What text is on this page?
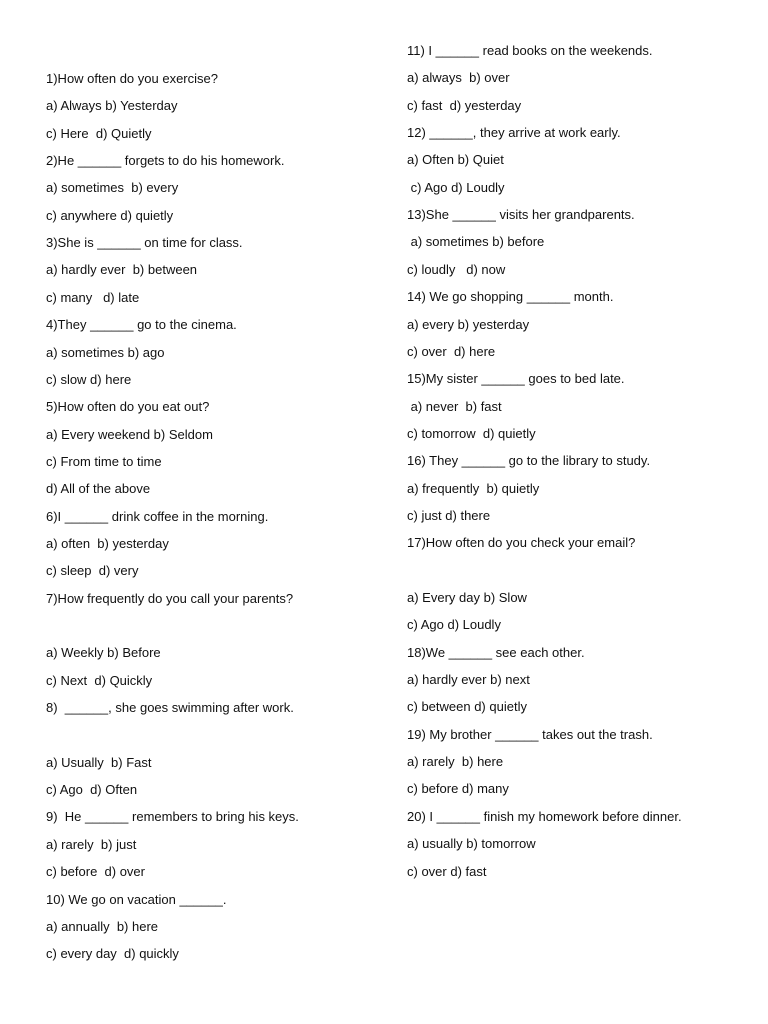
1)How often do you exercise?
a) Always b) Yesterday
c) Here  d) Quietly
2)He ______ forgets to do his homework.
a) sometimes  b) every
c) anywhere d) quietly
3)She is ______ on time for class.
a) hardly ever  b) between
c) many   d) late
4)They ______ go to the cinema.
a) sometimes b) ago
c) slow d) here
5)How often do you eat out?
a) Every weekend b) Seldom
c) From time to time
d) All of the above
6)I ______ drink coffee in the morning.
a) often  b) yesterday
c) sleep  d) very
7)How frequently do you call your parents?
a) Weekly b) Before
c) Next  d) Quickly
8)  ______, she goes swimming after work.
a) Usually  b) Fast
c) Ago  d) Often
9)  He ______ remembers to bring his keys.
a) rarely  b) just
c) before  d) over
10) We go on vacation ______.
a) annually  b) here
c) every day  d) quickly
11) I ______ read books on the weekends.
a) always  b) over
c) fast  d) yesterday
12) ______, they arrive at work early.
a) Often b) Quiet
c) Ago d) Loudly
13)She ______ visits her grandparents.
a) sometimes b) before
c) loudly   d) now
14) We go shopping ______ month.
a) every b) yesterday
c) over  d) here
15)My sister ______ goes to bed late.
a) never  b) fast
c) tomorrow  d) quietly
16) They ______ go to the library to study.
a) frequently  b) quietly
c) just d) there
17)How often do you check your email?
a) Every day b) Slow
c) Ago d) Loudly
18)We ______ see each other.
a) hardly ever b) next
c) between d) quietly
19) My brother ______ takes out the trash.
a) rarely  b) here
c) before d) many
20) I ______ finish my homework before dinner.
a) usually b) tomorrow
c) over d) fast
